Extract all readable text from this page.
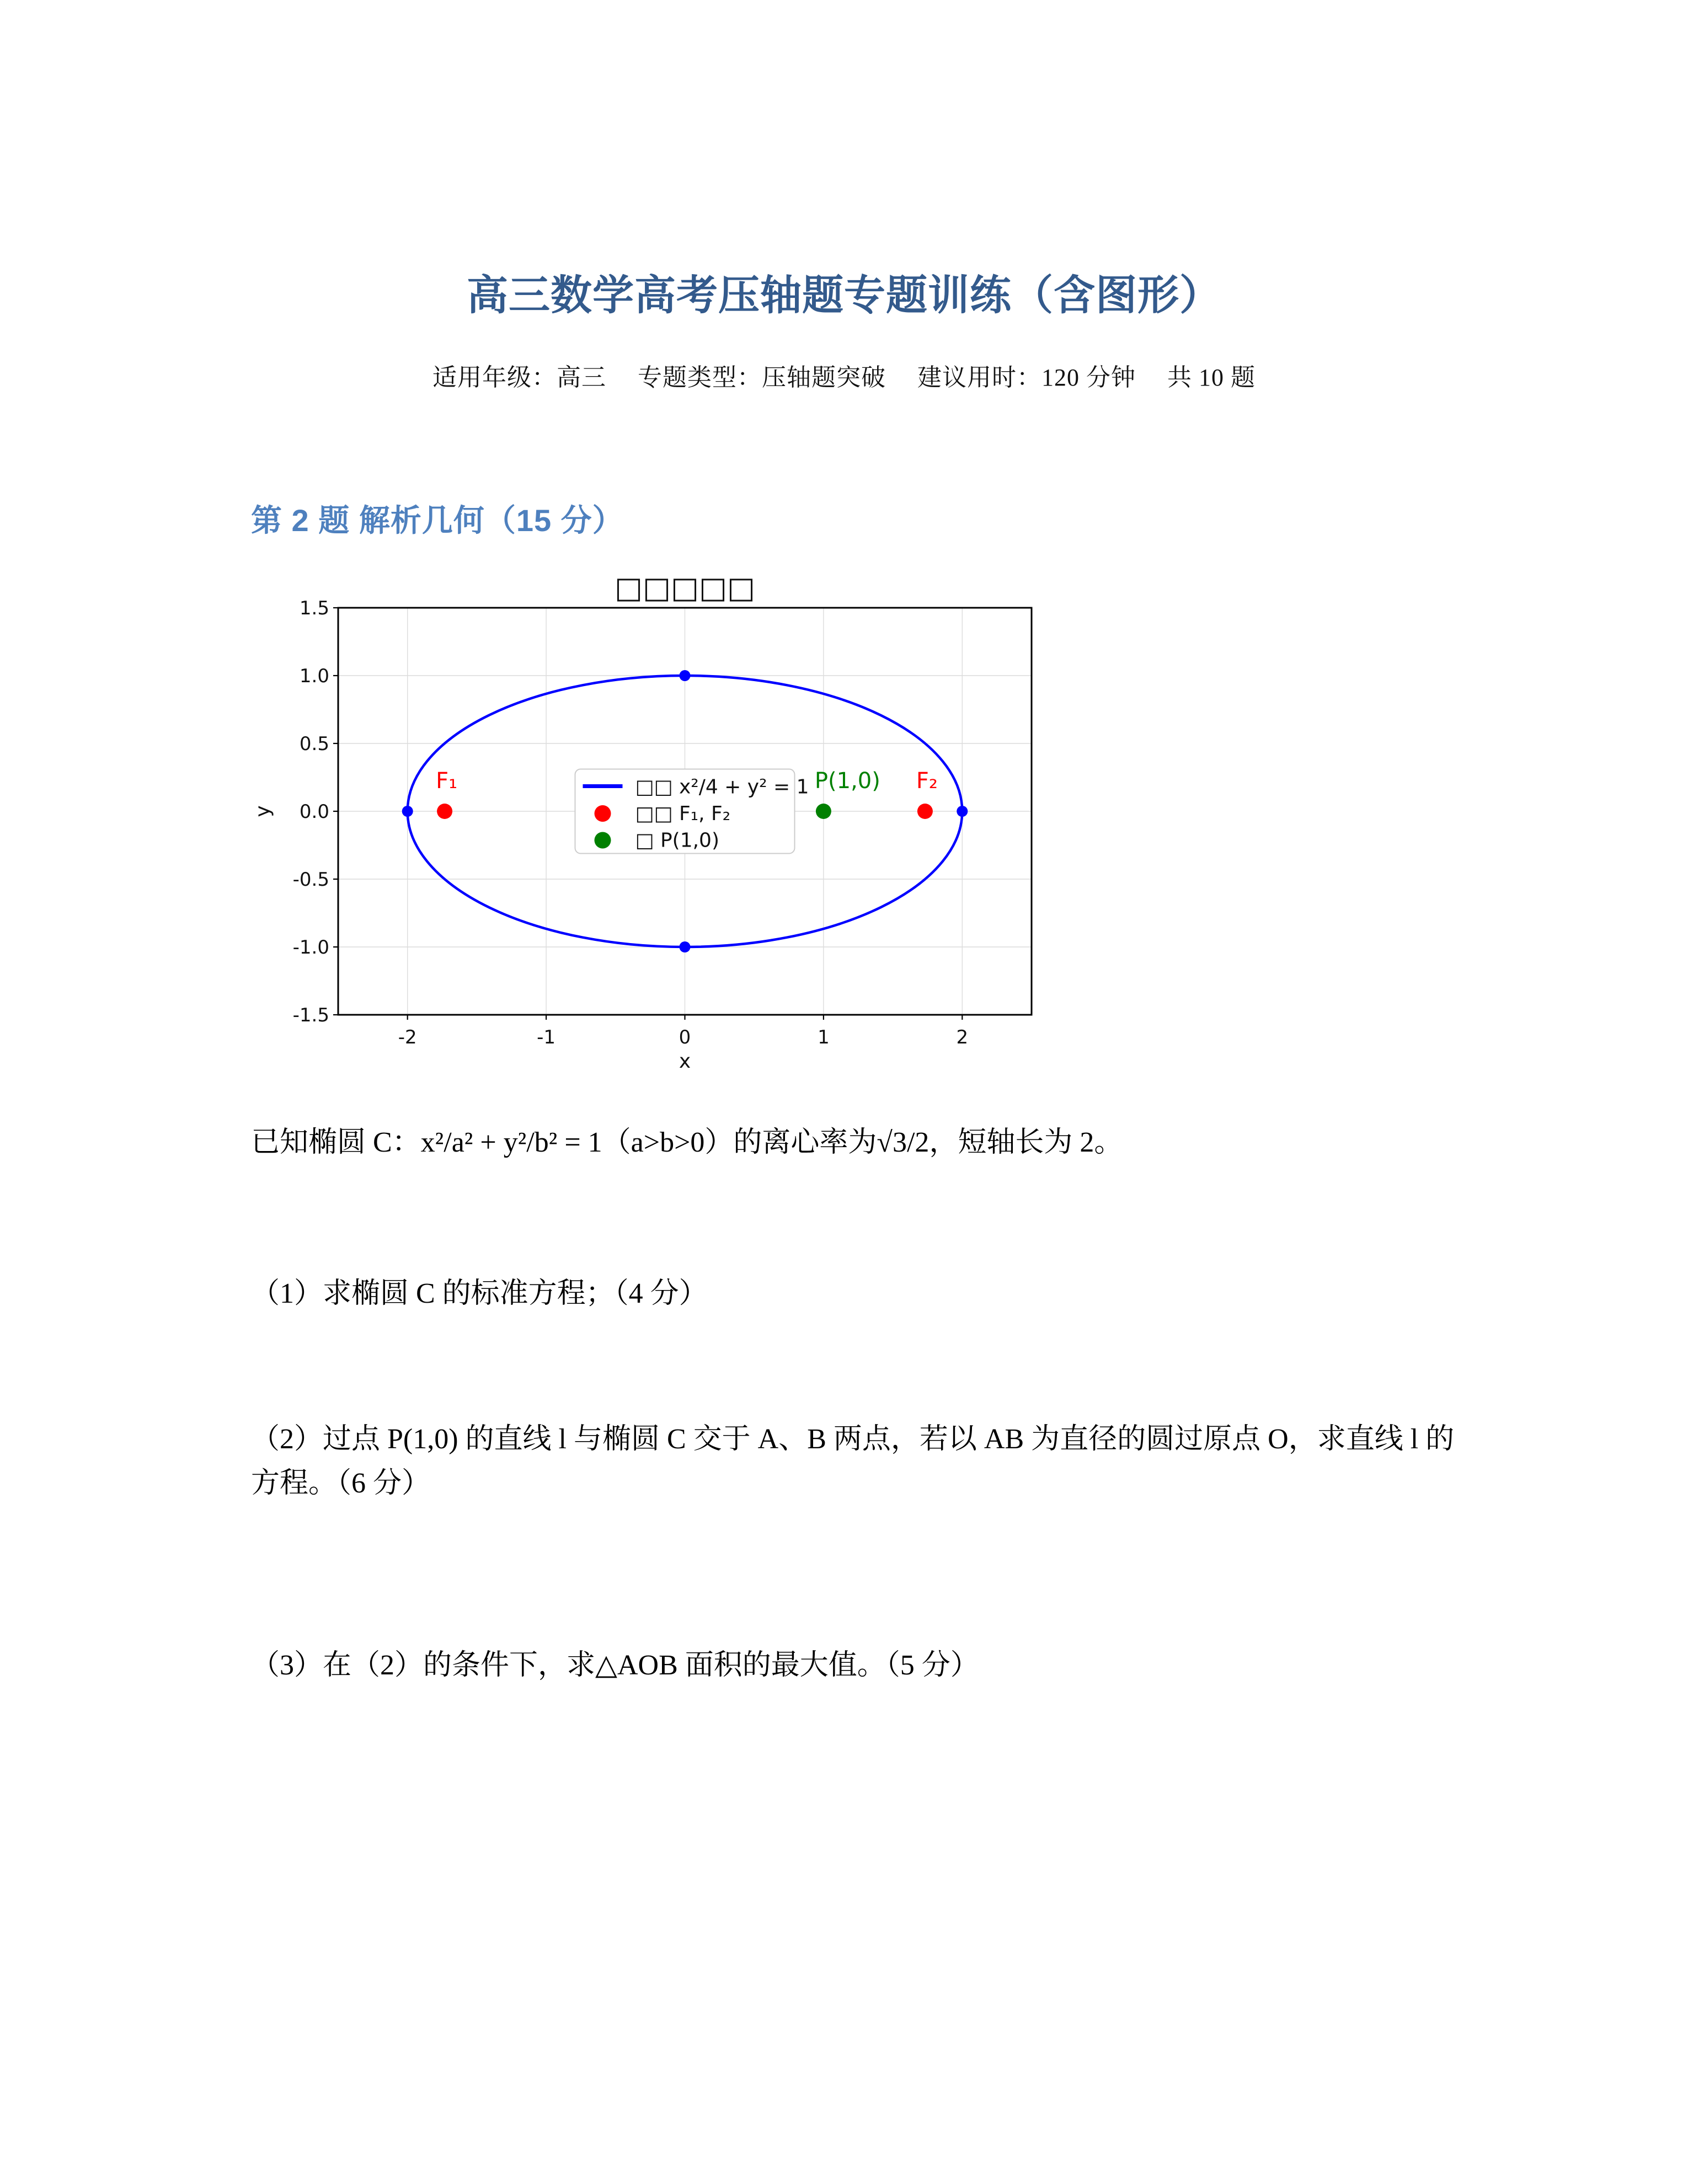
高三数学高考压轴题专题训练（含图形）
适用年级：高三　 专题类型：压轴题突破　 建议用时：120 分钟　 共 10 题
第 2 题 解析几何（15 分）
F₁	F₂
P(1,0)
-2	-1	0	1	2
-1.5
-1.0
-0.5
0.0
0.5
1.0
1.5
□□□□□
x
y
□□ x²/4 + y² = 1
□□ F₁, F₂
□ P(1,0)

已知椭圆 C：x²/a² + y²/b² = 1（a>b>0）的离心率为√3/2，短轴长为 2。

（1）求椭圆 C 的标准方程；（4 分）

（2）过点 P(1,0) 的直线 l 与椭圆 C 交于 A、B 两点，若以 AB 为直径的圆过原点 O，求直线 l 的方程。（6 分）

（3）在（2）的条件下，求△AOB 面积的最大值。（5 分）
